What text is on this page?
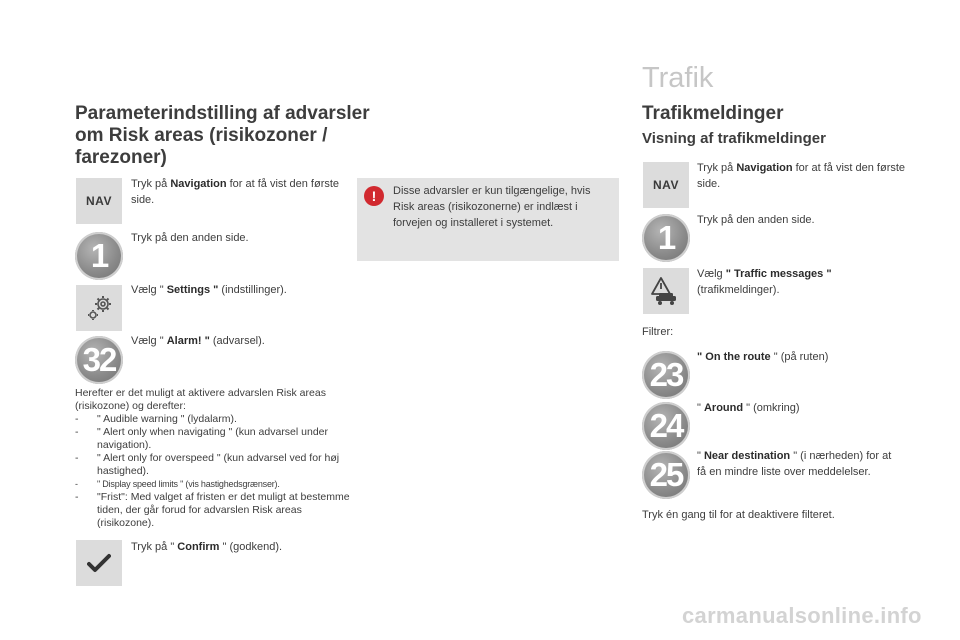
Parameterindstilling af advarsler om Risk areas (risikozoner / farezoner)
NAV
Tryk på Navigation for at få vist den første side.
1	Tryk på den anden side.
Vælg " Settings " (indstillinger).
32	Vælg " Alarm! " (advarsel).
Herefter er det muligt at aktivere advarslen Risk areas (risikozone) og derefter:
- " Audible warning " (lydalarm).
- " Alert only when navigating " (kun advarsel under navigation).
- " Alert only for overspeed " (kun advarsel ved for høj hastighed).
- " Display speed limits " (vis hastighedsgrænser).
- "Frist": Med valget af fristen er det muligt at bestemme tiden, der går forud for advarslen Risk areas (risikozone).
Tryk på " Confirm " (godkend).
!	Disse advarsler er kun tilgængelige, hvis Risk areas (risikozonerne) er indlæst i forvejen og installeret i systemet.
Trafik
Trafikmeldinger
Visning af trafikmeldinger
NAV
Tryk på Navigation for at få vist den første side.
1	Tryk på den anden side.
Vælg " Traffic messages " (trafikmeldinger).
Filtrer:
23	" On the route " (på ruten)
24	" Around " (omkring)
25	" Near destination " (i nærheden) for at få en mindre liste over meddelelser.
Tryk én gang til for at deaktivere filteret.
carmanualsonline.info
